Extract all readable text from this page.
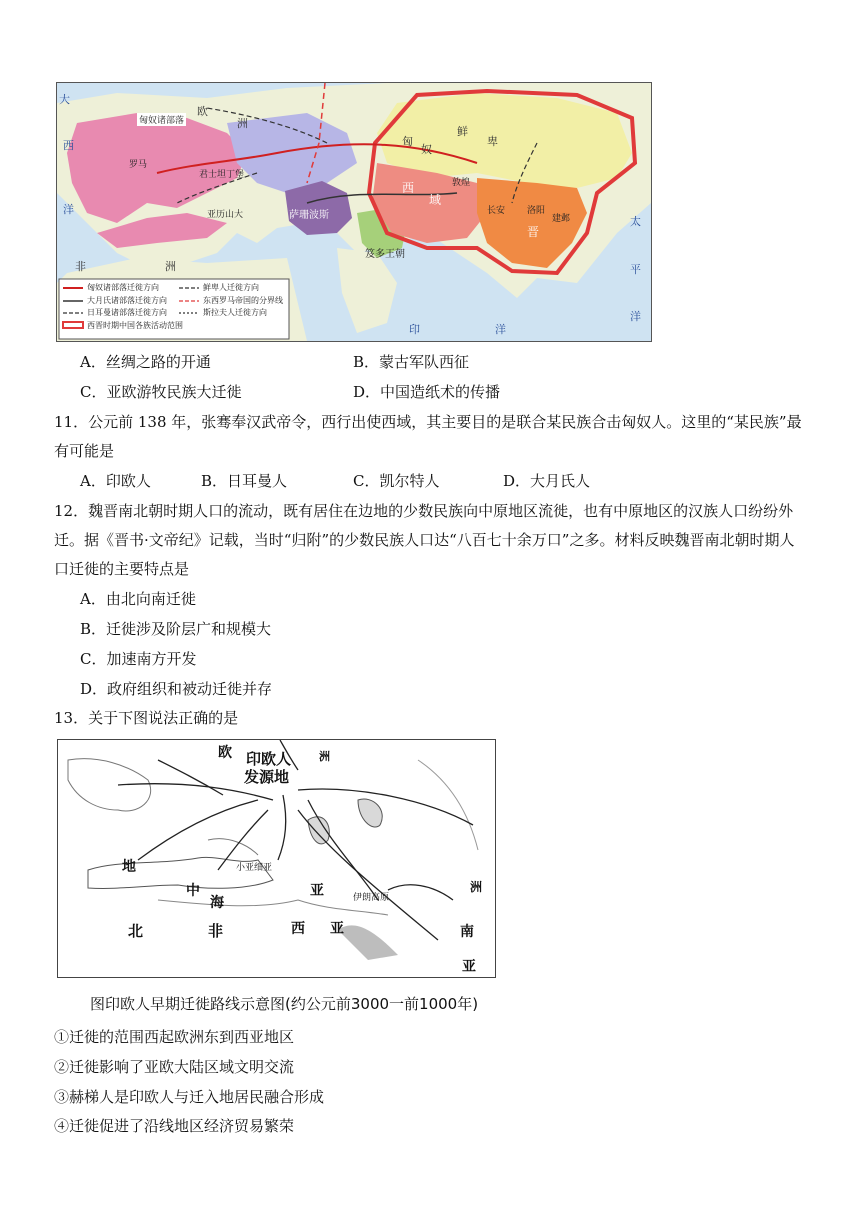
大
西
洋
欧
洲
非	洲
太
平
洋
印	洋
匈
奴
鲜
卑
西
域
晋
敦煌
长安 洛阳
建邺
萨珊波斯
笈多王朝
罗马
君士坦丁堡
亚历山大
匈奴诸部落
匈奴诸部落迁徙方向
大月氏诸部落迁徙方向
日耳曼诸部落迁徙方向
西晋时期中国各族活动范围
鲜卑人迁徙方向
东西罗马帝国的分界线
斯拉夫人迁徙方向
A．丝绸之路的开通	B．蒙古军队西征
C．亚欧游牧民族大迁徙	D．中国造纸术的传播
11．公元前 138 年，张骞奉汉武帝令，西行出使西域，其主要目的是联合某民族合击匈奴人。这里的“某民族”最
有可能是
A．印欧人	B．日耳曼人	C．凯尔特人	D．大月氏人
12．魏晋南北朝时期人口的流动，既有居住在边地的少数民族向中原地区流徙，也有中原地区的汉族人口纷纷外
迁。据《晋书·文帝纪》记载，当时“归附”的少数民族人口达“八百七十余万口”之多。材料反映魏晋南北朝时期人
口迁徙的主要特点是
A．由北向南迁徙
B．迁徙涉及阶层广和规模大
C．加速南方开发
D．政府组织和被动迁徙并存
13．关于下图说法正确的是
欧	洲
印欧人
发源地
地
中
海
小亚细亚
亚	伊朗高原
洲
北	非	西 亚	南
亚
图印欧人早期迁徙路线示意图(约公元前3000一前1000年)
①迁徙的范围西起欧洲东到西亚地区
②迁徙影响了亚欧大陆区域文明交流
③赫梯人是印欧人与迁入地居民融合形成
④迁徙促进了沿线地区经济贸易繁荣
